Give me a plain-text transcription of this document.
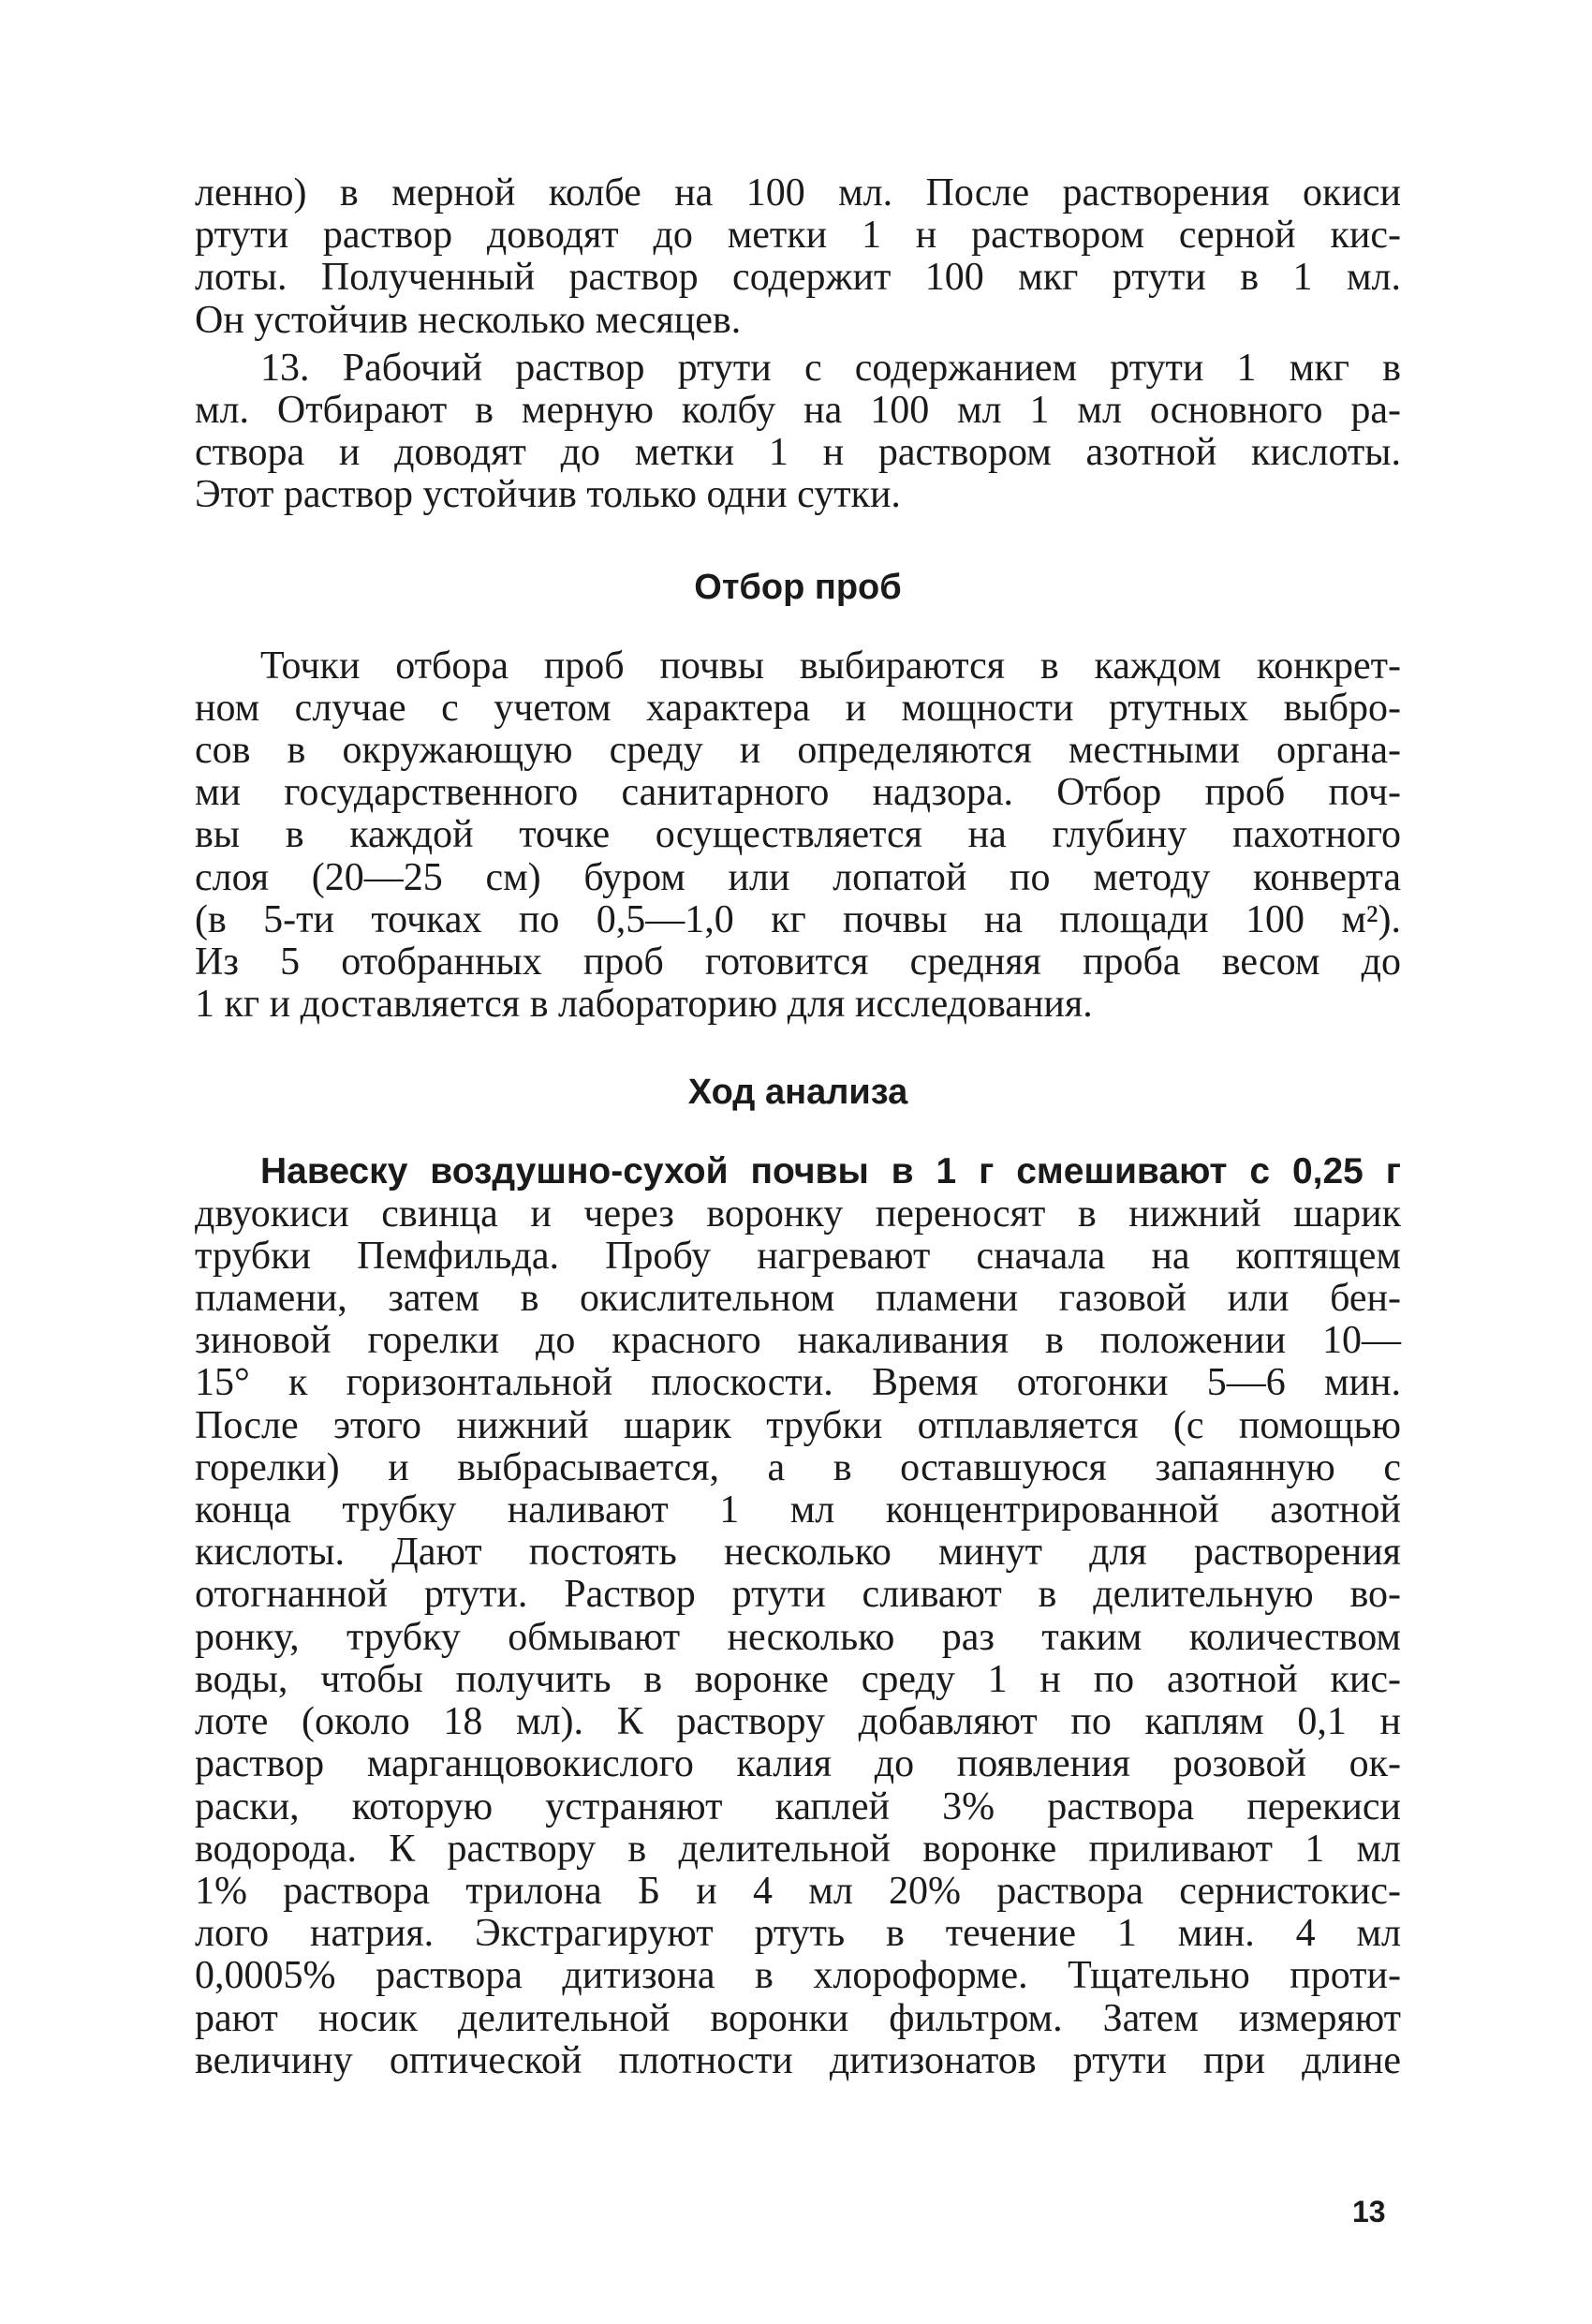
ленно) в мерной колбе на 100 мл. После растворения окиси
ртути раствор доводят до метки 1 н раствором серной кис-
лоты. Полученный раствор содержит 100 мкг ртути в 1 мл.
Он устойчив несколько месяцев.

13. Рабочий раствор ртути с содержанием ртути 1 мкг в
мл. Отбирают в мерную колбу на 100 мл 1 мл основного ра-
створа и доводят до метки 1 н раствором азотной кислоты.
Этот раствор устойчив только одни сутки.

Отбор проб

Точки отбора проб почвы выбираются в каждом конкрет-
ном случае с учетом характера и мощности ртутных выбро-
сов в окружающую среду и определяются местными органа-
ми государственного санитарного надзора. Отбор проб поч-
вы в каждой точке осуществляется на глубину пахотного
слоя (20—25 см) буром или лопатой по методу конверта
(в 5-ти точках по 0,5—1,0 кг почвы на площади 100 м²).
Из 5 отобранных проб готовится средняя проба весом до
1 кг и доставляется в лабораторию для исследования.

Ход анализа

Навеску воздушно-сухой почвы в 1 г смешивают с 0,25 г
двуокиси свинца и через воронку переносят в нижний шарик
трубки Пемфильда. Пробу нагревают сначала на коптящем
пламени, затем в окислительном пламени газовой или бен-
зиновой горелки до красного накаливания в положении 10—
15° к горизонтальной плоскости. Время отогонки 5—6 мин.
После этого нижний шарик трубки отплавляется (с помощью
горелки) и выбрасывается, а в оставшуюся запаянную с
конца трубку наливают 1 мл концентрированной азотной
кислоты. Дают постоять несколько минут для растворения
отогнанной ртути. Раствор ртути сливают в делительную во-
ронку, трубку обмывают несколько раз таким количеством
воды, чтобы получить в воронке среду 1 н по азотной кис-
лоте (около 18 мл). К раствору добавляют по каплям 0,1 н
раствор марганцовокислого калия до появления розовой ок-
раски, которую устраняют каплей 3% раствора перекиси
водорода. К раствору в делительной воронке приливают 1 мл
1% раствора трилона Б и 4 мл 20% раствора сернистокис-
лого натрия. Экстрагируют ртуть в течение 1 мин. 4 мл
0,0005% раствора дитизона в хлороформе. Тщательно проти-
рают носик делительной воронки фильтром. Затем измеряют
величину оптической плотности дитизонатов ртути при длине

13
